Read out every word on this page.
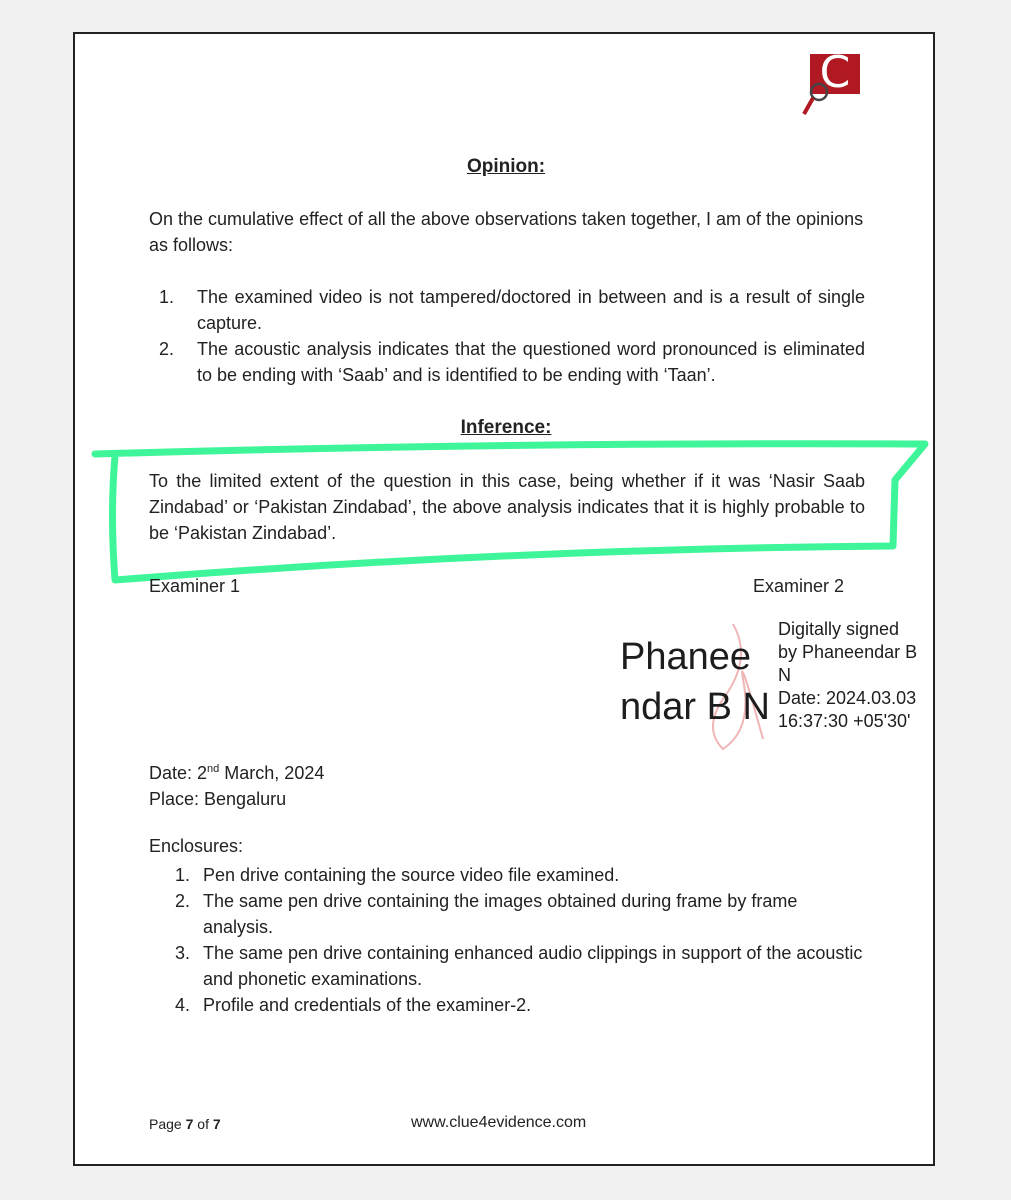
C
Opinion:
On the cumulative effect of all the above observations taken together, I am of the opinions as follows:
1.	The examined video is not tampered/doctored in between and is a result of single capture.
2.	The acoustic analysis indicates that the questioned word pronounced is eliminated to be ending with ‘Saab’ and is identified to be ending with ‘Taan’.
Inference:
To the limited extent of the question in this case, being whether if it was ‘Nasir Saab Zindabad’ or ‘Pakistan Zindabad’, the above analysis indicates that it is highly probable to be ‘Pakistan Zindabad’.
Examiner 1	Examiner 2
Phanee
ndar B N
Digitally signed
by Phaneendar B
N
Date: 2024.03.03
16:37:30 +05'30'
Date: 2nd March, 2024
Place: Bengaluru
Enclosures:
1. Pen drive containing the source video file examined.
2. The same pen drive containing the images obtained during frame by frame analysis.
3. The same pen drive containing enhanced audio clippings in support of the acoustic and phonetic examinations.
4. Profile and credentials of the examiner-2.
Page 7 of 7	www.clue4evidence.com
